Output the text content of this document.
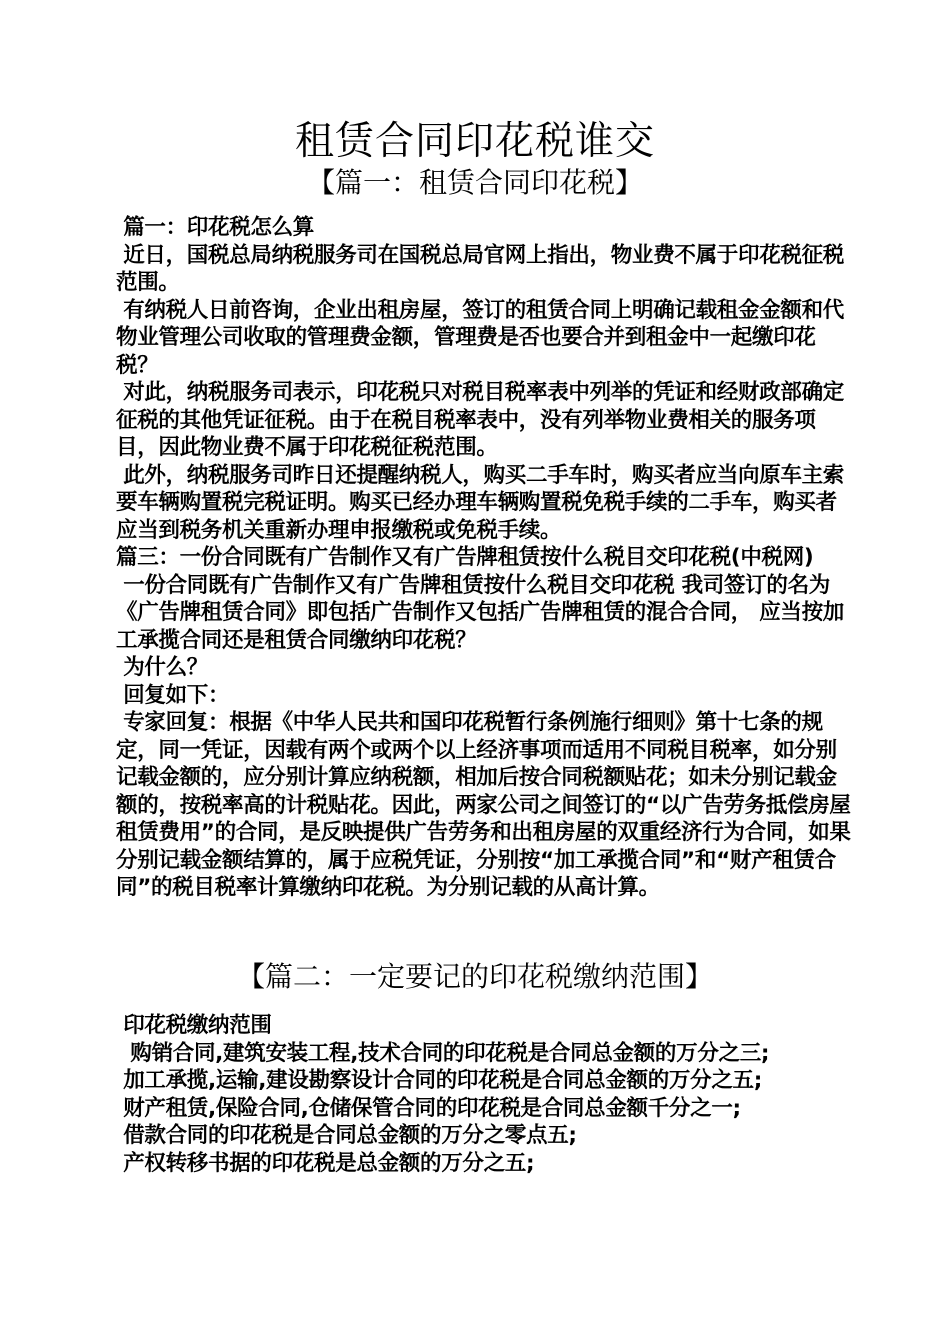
租赁合同印花税谁交
【篇一：租赁合同印花税】

篇一：印花税怎么算

近日，国税总局纳税服务司在国税总局官网上指出，物业费不属于印花税征税范围。

有纳税人日前咨询，企业出租房屋，签订的租赁合同上明确记载租金金额和代物业管理公司收取的管理费金额，管理费是否也要合并到租金中一起缴印花税？

对此，纳税服务司表示，印花税只对税目税率表中列举的凭证和经财政部确定征税的其他凭证征税。由于在税目税率表中，没有列举物业费相关的服务项目，因此物业费不属于印花税征税范围。

此外，纳税服务司昨日还提醒纳税人，购买二手车时，购买者应当向原车主索要车辆购置税完税证明。购买已经办理车辆购置税免税手续的二手车，购买者应当到税务机关重新办理申报缴税或免税手续。

篇三：一份合同既有广告制作又有广告牌租赁按什么税目交印花税(中税网)

一份合同既有广告制作又有广告牌租赁按什么税目交印花税 我司签订的名为《广告牌租赁合同》即包括广告制作又包括广告牌租赁的混合合同， 应当按加工承揽合同还是租赁合同缴纳印花税？

为什么？

回复如下：

专家回复：根据《中华人民共和国印花税暂行条例施行细则》第十七条的规定，同一凭证，因载有两个或两个以上经济事项而适用不同税目税率，如分别记载金额的，应分别计算应纳税额，相加后按合同税额贴花；如未分别记载金额的，按税率高的计税贴花。因此，两家公司之间签订的“以广告劳务抵偿房屋租赁费用”的合同，是反映提供广告劳务和出租房屋的双重经济行为合同，如果分别记载金额结算的，属于应税凭证，分别按“加工承揽合同”和“财产租赁合同”的税目税率计算缴纳印花税。为分别记载的从高计算。

【篇二：一定要记的印花税缴纳范围】

印花税缴纳范围

购销合同,建筑安装工程,技术合同的印花税是合同总金额的万分之三;

加工承揽,运输,建设勘察设计合同的印花税是合同总金额的万分之五;

财产租赁,保险合同,仓储保管合同的印花税是合同总金额千分之一;

借款合同的印花税是合同总金额的万分之零点五;

产权转移书据的印花税是总金额的万分之五;
